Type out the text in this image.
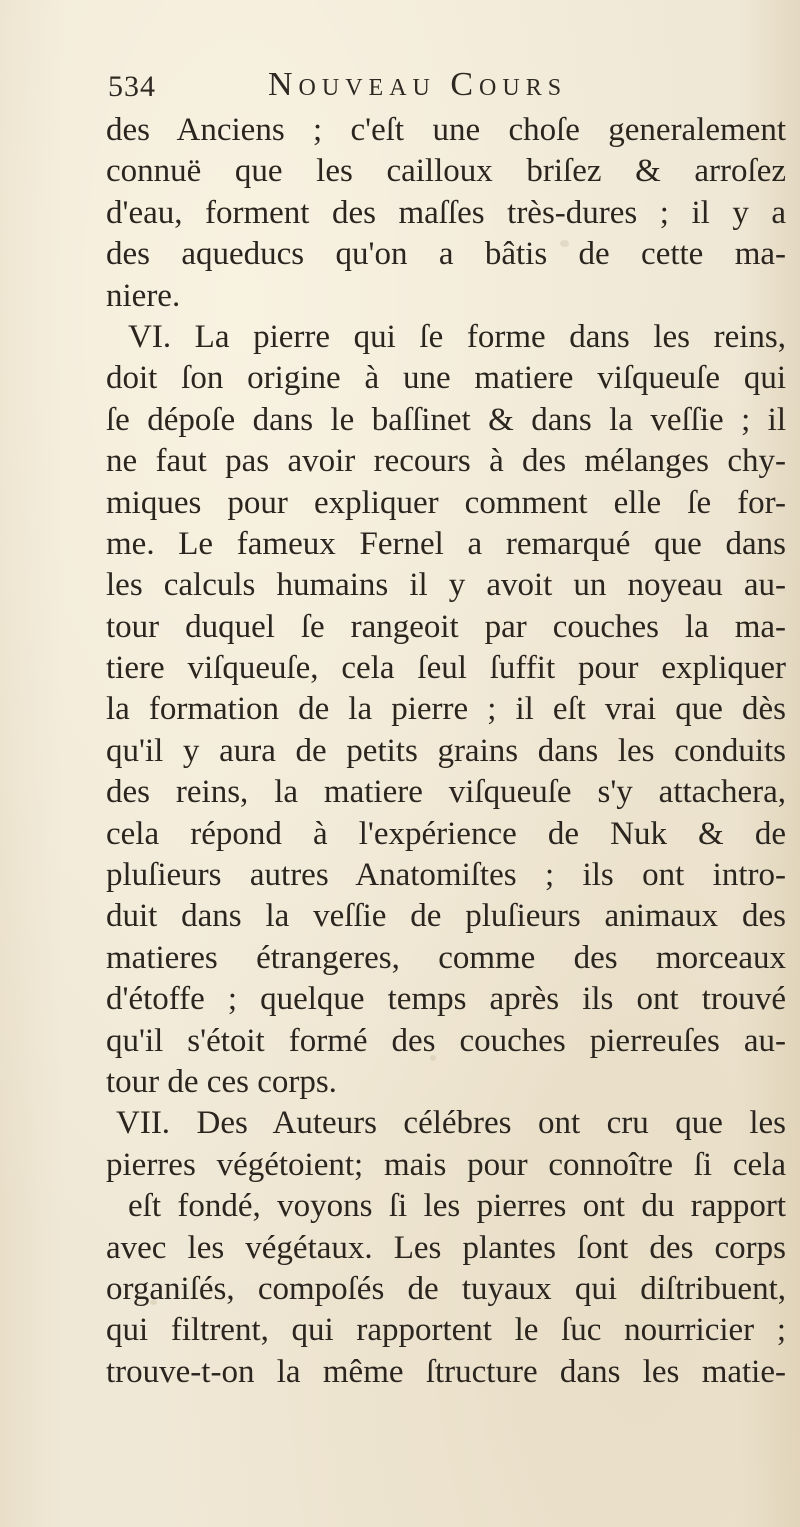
534	Nouveau Cours
des Anciens ; c'eſt une choſe generalement
connuë que les cailloux briſez & arroſez
d'eau, forment des maſſes très-dures ; il y a
des aqueducs qu'on a bâtis de cette ma-
niere.
VI. La pierre qui ſe forme dans les reins,
doit ſon origine à une matiere viſqueuſe qui
ſe dépoſe dans le baſſinet & dans la veſſie ; il
ne faut pas avoir recours à des mélanges chy-
miques pour expliquer comment elle ſe for-
me. Le fameux Fernel a remarqué que dans
les calculs humains il y avoit un noyeau au-
tour duquel ſe rangeoit par couches la ma-
tiere viſqueuſe, cela ſeul ſuffit pour expliquer
la formation de la pierre ; il eſt vrai que dès
qu'il y aura de petits grains dans les conduits
des reins, la matiere viſqueuſe s'y attachera,
cela répond à l'expérience de Nuk & de
pluſieurs autres Anatomiſtes ; ils ont intro-
duit dans la veſſie de pluſieurs animaux des
matieres étrangeres, comme des morceaux
d'étoffe ; quelque temps après ils ont trouvé
qu'il s'étoit formé des couches pierreuſes au-
tour de ces corps.
VII. Des Auteurs célébres ont cru que les
pierres végétoient; mais pour connoître ſi cela
eſt fondé, voyons ſi les pierres ont du rapport
avec les végétaux. Les plantes ſont des corps
organiſés, compoſés de tuyaux qui diſtribuent,
qui filtrent, qui rapportent le ſuc nourricier ;
trouve-t-on la même ſtructure dans les matie-
